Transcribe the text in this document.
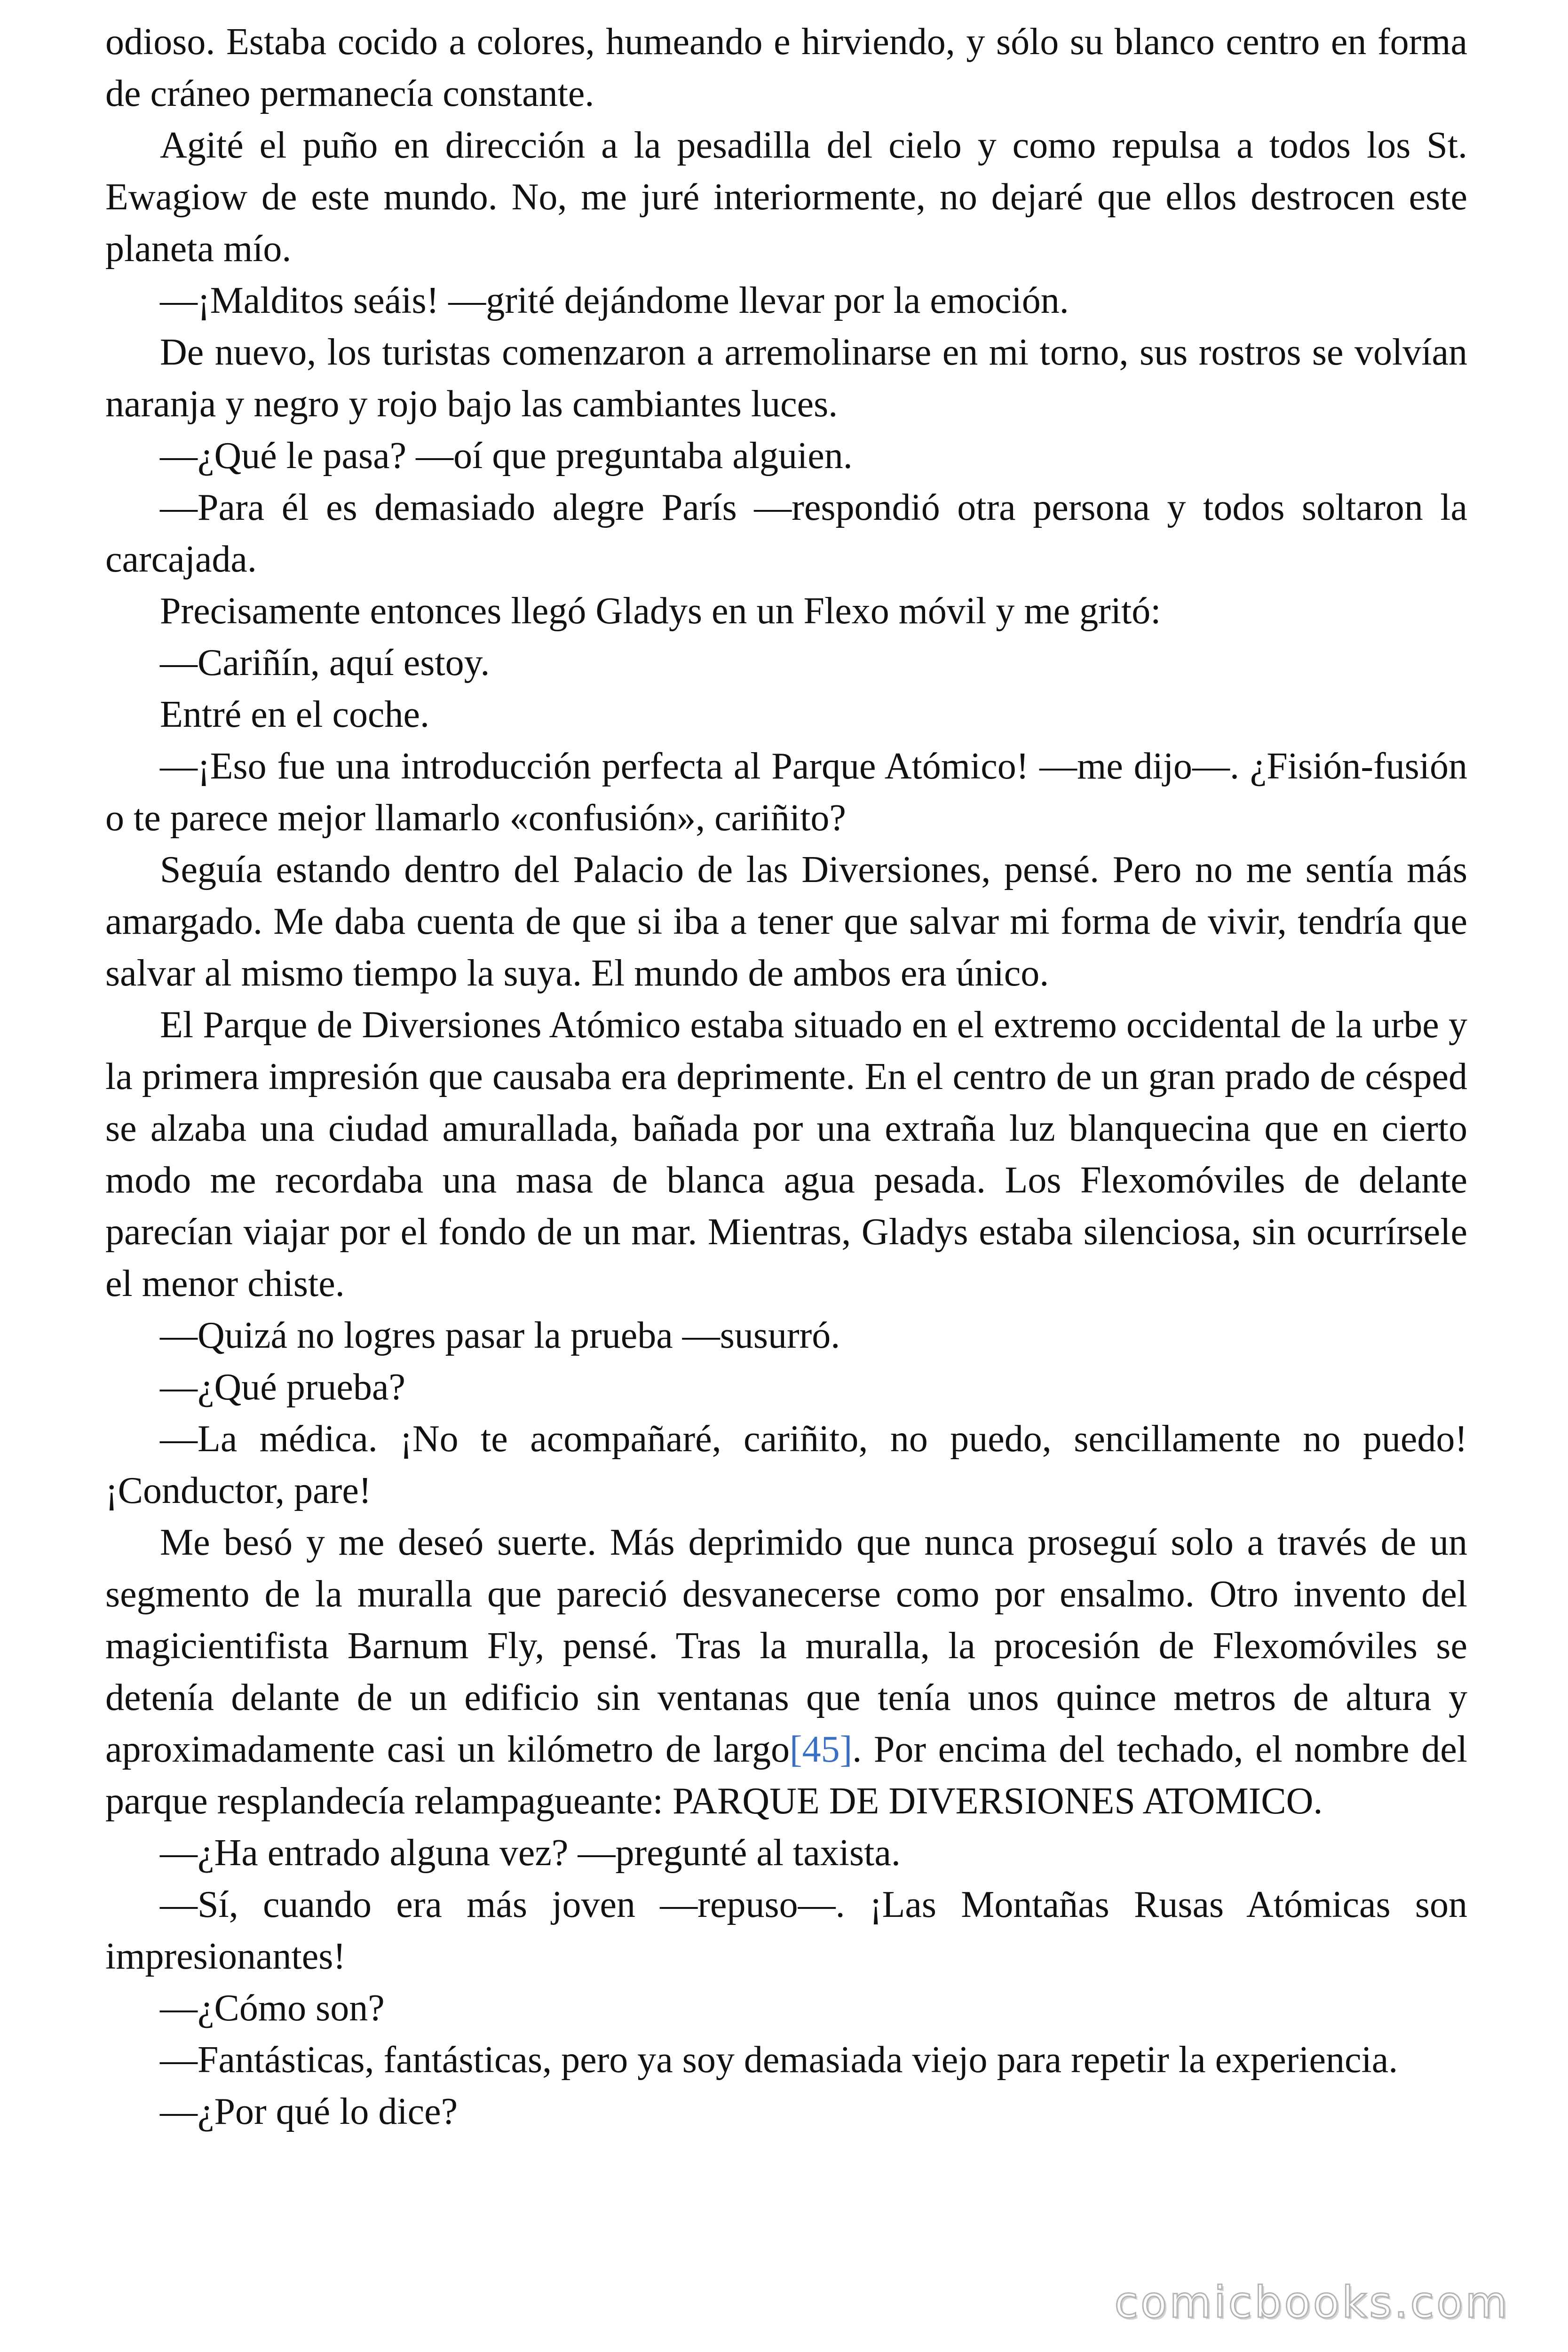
odioso. Estaba cocido a colores, humeando e hirviendo, y sólo su blanco centro en forma de cráneo permanecía constante.

Agité el puño en dirección a la pesadilla del cielo y como repulsa a todos los St. Ewagiow de este mundo. No, me juré interiormente, no dejaré que ellos destrocen este planeta mío.

—¡Malditos seáis! —grité dejándome llevar por la emoción.

De nuevo, los turistas comenzaron a arremolinarse en mi torno, sus rostros se volvían naranja y negro y rojo bajo las cambiantes luces.

—¿Qué le pasa? —oí que preguntaba alguien.

—Para él es demasiado alegre París —respondió otra persona y todos soltaron la carcajada.

Precisamente entonces llegó Gladys en un Flexo móvil y me gritó:

—Cariñín, aquí estoy.

Entré en el coche.

—¡Eso fue una introducción perfecta al Parque Atómico! —me dijo—. ¿Fisión-fusión o te parece mejor llamarlo «confusión», cariñito?

Seguía estando dentro del Palacio de las Diversiones, pensé. Pero no me sentía más amargado. Me daba cuenta de que si iba a tener que salvar mi forma de vivir, tendría que salvar al mismo tiempo la suya. El mundo de ambos era único.

El Parque de Diversiones Atómico estaba situado en el extremo occidental de la urbe y la primera impresión que causaba era deprimente. En el centro de un gran prado de césped se alzaba una ciudad amurallada, bañada por una extraña luz blanquecina que en cierto modo me recordaba una masa de blanca agua pesada. Los Flexomóviles de delante parecían viajar por el fondo de un mar. Mientras, Gladys estaba silenciosa, sin ocurrírsele el menor chiste.

—Quizá no logres pasar la prueba —susurró.

—¿Qué prueba?

—La médica. ¡No te acompañaré, cariñito, no puedo, sencillamente no puedo! ¡Conductor, pare!

Me besó y me deseó suerte. Más deprimido que nunca proseguí solo a través de un segmento de la muralla que pareció desvanecerse como por ensalmo. Otro invento del magicientifista Barnum Fly, pensé. Tras la muralla, la procesión de Flexomóviles se detenía delante de un edificio sin ventanas que tenía unos quince metros de altura y aproximadamente casi un kilómetro de largo[45]. Por encima del techado, el nombre del parque resplandecía relampagueante: PARQUE DE DIVERSIONES ATOMICO.

—¿Ha entrado alguna vez? —pregunté al taxista.

—Sí, cuando era más joven —repuso—. ¡Las Montañas Rusas Atómicas son impresionantes!

—¿Cómo son?

—Fantásticas, fantásticas, pero ya soy demasiada viejo para repetir la experiencia.

—¿Por qué lo dice?

comicbooks.com
